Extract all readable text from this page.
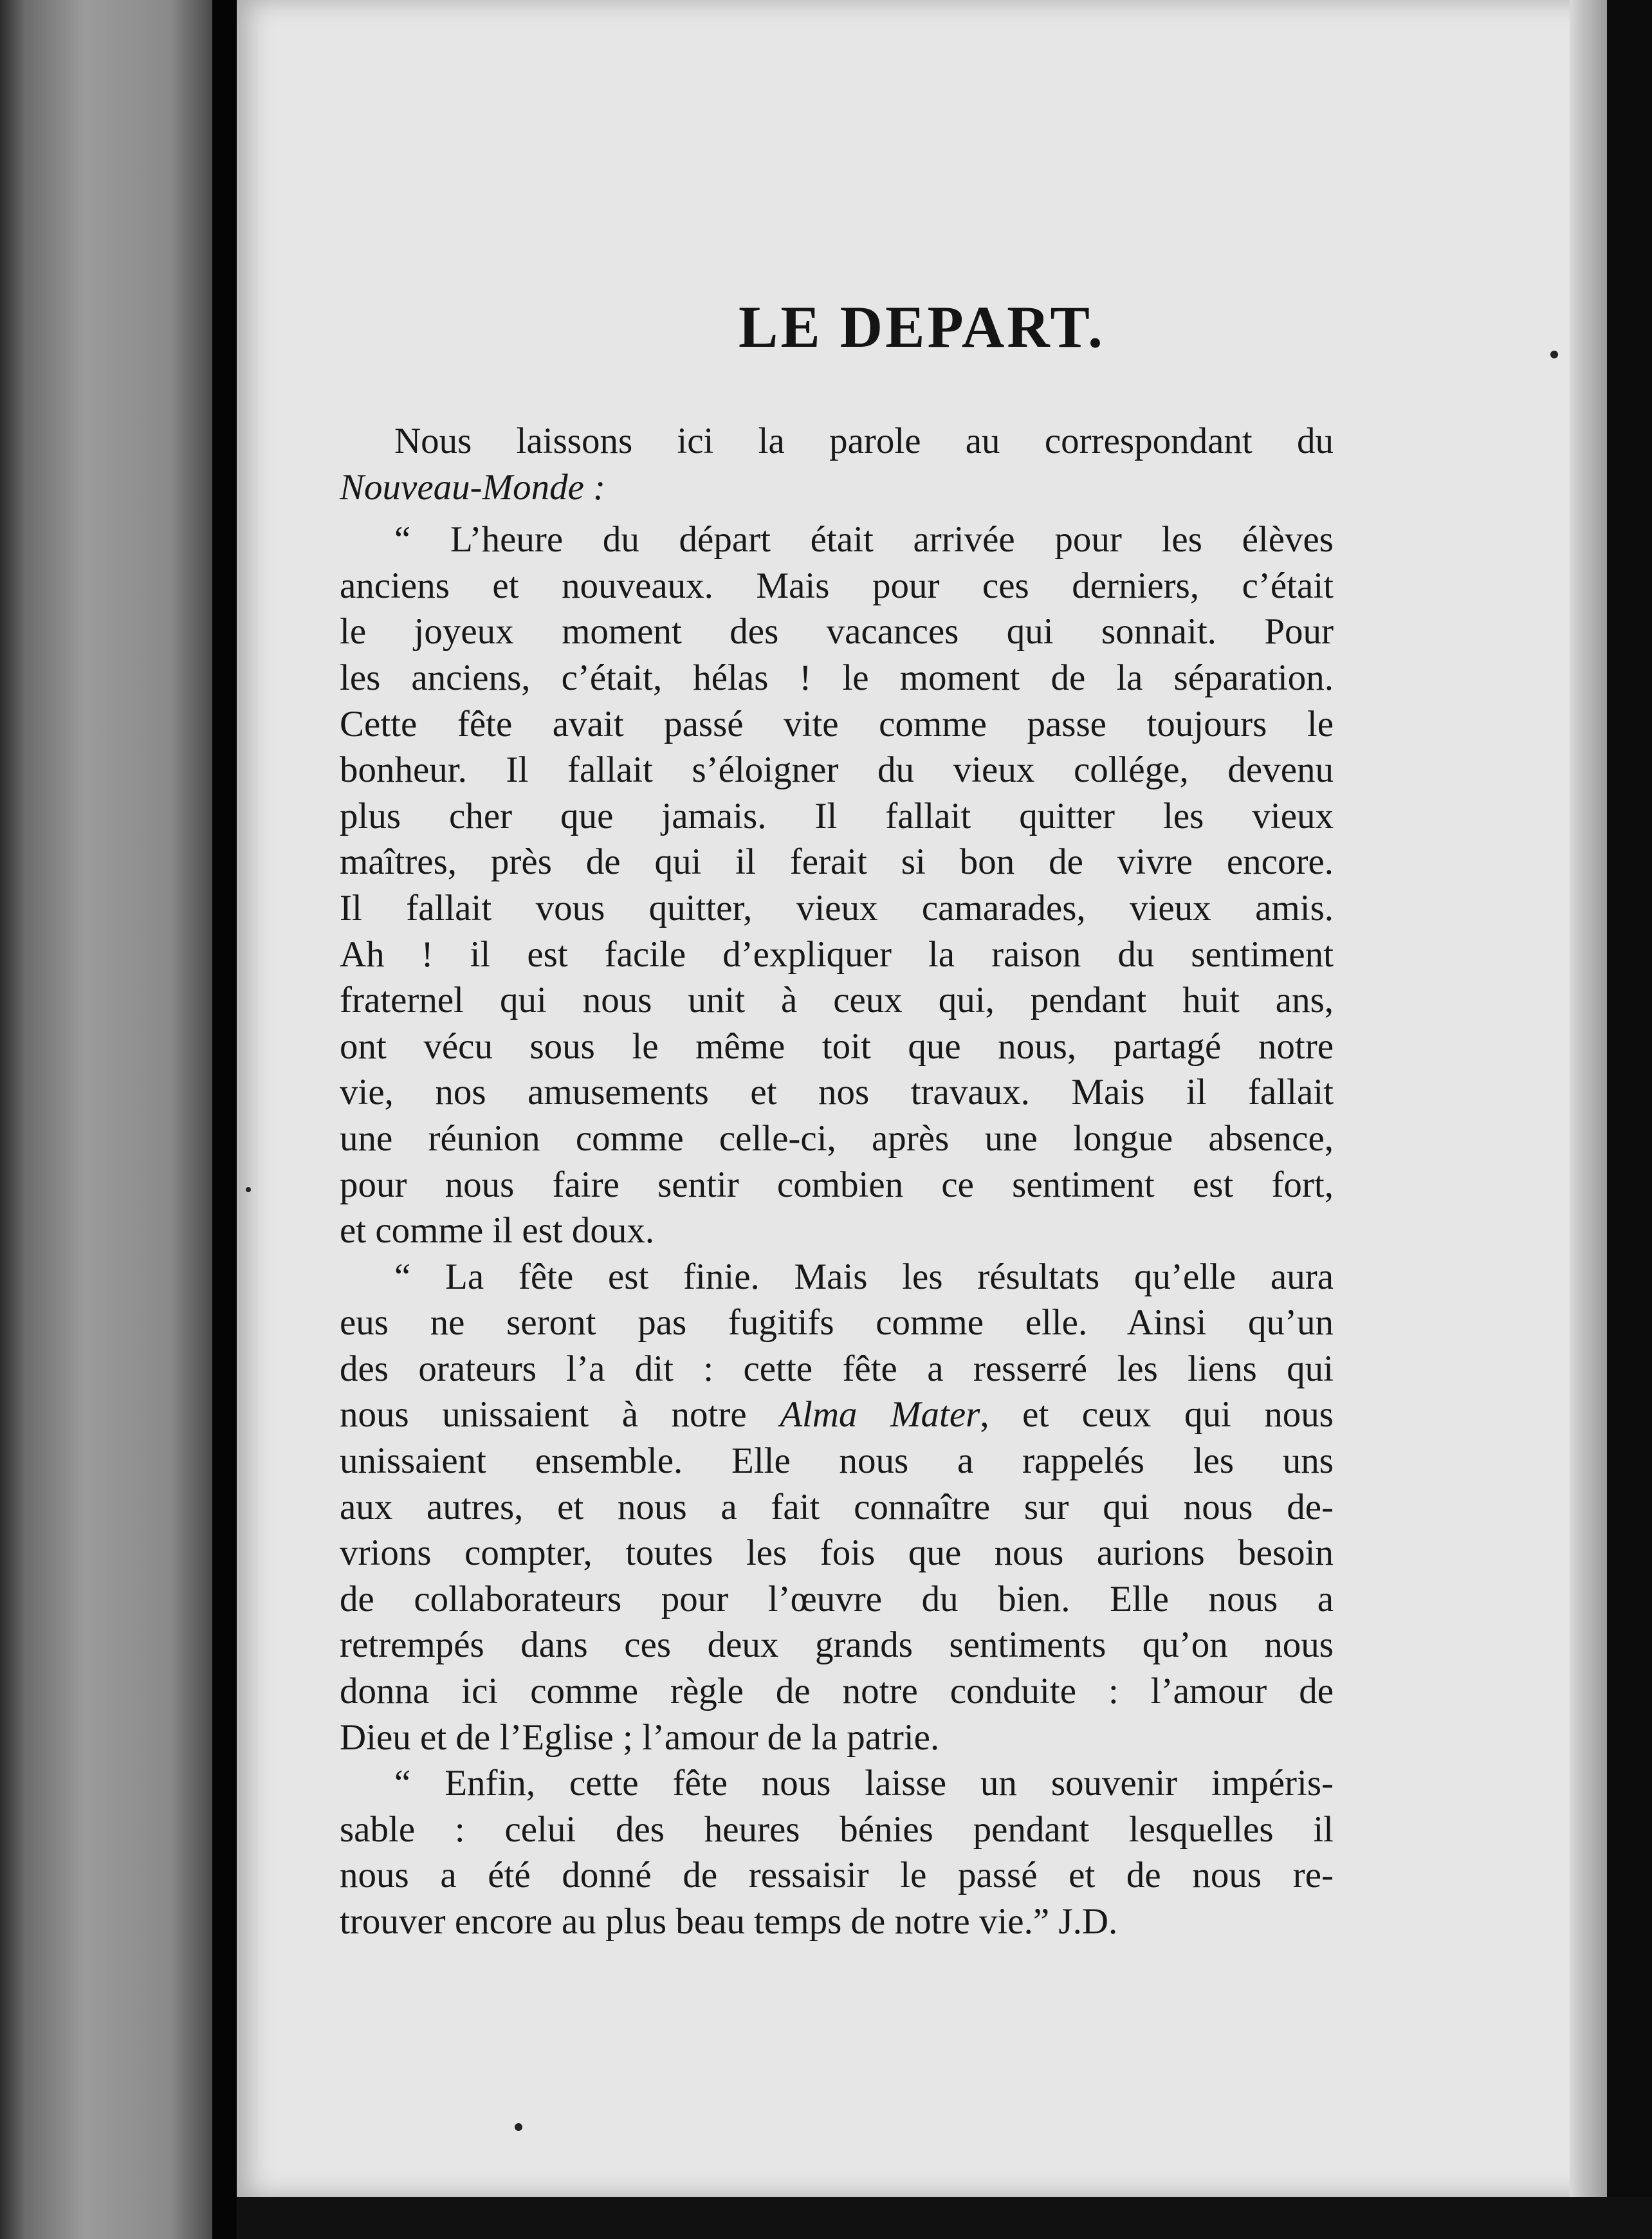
LE DEPART.

Nous laissons ici la parole au correspondant du

Nouveau-Monde :

“ L’heure du départ était arrivée pour les élèves

anciens et nouveaux. Mais pour ces derniers, c’était

le joyeux moment des vacances qui sonnait. Pour

les anciens, c’était, hélas ! le moment de la séparation.

Cette fête avait passé vite comme passe toujours le

bonheur. Il fallait s’éloigner du vieux collége, devenu

plus cher que jamais. Il fallait quitter les vieux

maîtres, près de qui il ferait si bon de vivre encore.

Il fallait vous quitter, vieux camarades, vieux amis.

Ah ! il est facile d’expliquer la raison du sentiment

fraternel qui nous unit à ceux qui, pendant huit ans,

ont vécu sous le même toit que nous, partagé notre

vie, nos amusements et nos travaux. Mais il fallait

une réunion comme celle-ci, après une longue absence,

pour nous faire sentir combien ce sentiment est fort,

et comme il est doux.

“ La fête est finie. Mais les résultats qu’elle aura

eus ne seront pas fugitifs comme elle. Ainsi qu’un

des orateurs l’a dit : cette fête a resserré les liens qui

nous unissaient à notre Alma Mater, et ceux qui nous

unissaient ensemble. Elle nous a rappelés les uns

aux autres, et nous a fait connaître sur qui nous de-

vrions compter, toutes les fois que nous aurions besoin

de collaborateurs pour l’œuvre du bien. Elle nous a

retrempés dans ces deux grands sentiments qu’on nous

donna ici comme règle de notre conduite : l’amour de

Dieu et de l’Eglise ; l’amour de la patrie.

“ Enfin, cette fête nous laisse un souvenir impéris-

sable : celui des heures bénies pendant lesquelles il

nous a été donné de ressaisir le passé et de nous re-

trouver encore au plus beau temps de notre vie.” J.D.
